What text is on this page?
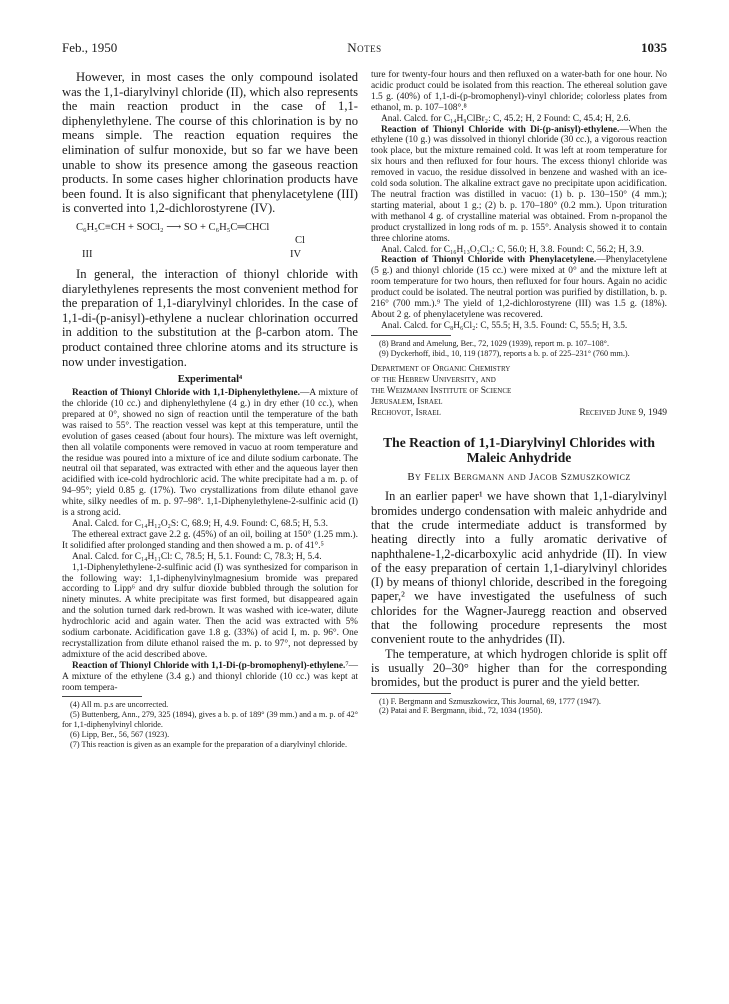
Feb., 1950	Notes	1035

However, in most cases the only compound isolated was the 1,1-diarylvinyl chloride (II), which also represents the main reaction product in the case of 1,1-diphenylethylene. The course of this chlorination is by no means simple. The reaction equation requires the elimination of sulfur monoxide, but so far we have been unable to show its presence among the gaseous reaction products. In some cases higher chlorination products have been found. It is also significant that phenylacetylene (III) is converted into 1,2-dichlorostyrene (IV).

C₆H₅C≡CH + SOCl₂ ⟶ SO + C₆H₅C═CHCl
Cl
III	IV

In general, the interaction of thionyl chloride with diarylethylenes represents the most convenient method for the preparation of 1,1-diarylvinyl chlorides. In the case of 1,1-di-(p-anisyl)-ethylene a nuclear chlorination occurred in addition to the substitution at the β-carbon atom. The product contained three chlorine atoms and its structure is now under investigation.

Experimental⁴

Reaction of Thionyl Chloride with 1,1-Diphenylethylene.—A mixture of the chloride (10 cc.) and diphenylethylene (4 g.) in dry ether (10 cc.), when prepared at 0°, showed no sign of reaction until the temperature of the bath was raised to 55°. The reaction vessel was kept at this temperature, until the evolution of gases ceased (about four hours). The mixture was left overnight, then all volatile components were removed in vacuo at room temperature and the residue was poured into a mixture of ice and dilute sodium carbonate. The neutral oil that separated, was extracted with ether and the aqueous layer then acidified with ice-cold hydrochloric acid. The white precipitate had a m. p. of 94–95°; yield 0.85 g. (17%). Two crystallizations from dilute ethanol gave white, silky needles of m. p. 97–98°. 1,1-Diphenylethylene-2-sulfinic acid (I) is a strong acid.

Anal. Calcd. for C₁₄H₁₂O₂S: C, 68.9; H, 4.9. Found: C, 68.5; H, 5.3.

The ethereal extract gave 2.2 g. (45%) of an oil, boiling at 150° (1.25 mm.). It solidified after prolonged standing and then showed a m. p. of 41°.⁵

Anal. Calcd. for C₁₄H₁₁Cl: C, 78.5; H, 5.1. Found: C, 78.3; H, 5.4.

1,1-Diphenylethylene-2-sulfinic acid (I) was synthesized for comparison in the following way: 1,1-diphenylvinylmagnesium bromide was prepared according to Lipp⁶ and dry sulfur dioxide bubbled through the solution for ninety minutes. A white precipitate was first formed, but disappeared again and the solution turned dark red-brown. It was washed with ice-water, dilute hydrochloric acid and again water. Then the acid was extracted with 5% sodium carbonate. Acidification gave 1.8 g. (33%) of acid I, m. p. 96°. One recrystallization from dilute ethanol raised the m. p. to 97°, not depressed by admixture of the acid described above.

Reaction of Thionyl Chloride with 1,1-Di-(p-bromophenyl)-ethylene.⁷—A mixture of the ethylene (3.4 g.) and thionyl chloride (10 cc.) was kept at room tempera-

(4) All m. p.s are uncorrected.

(5) Buttenberg, Ann., 279, 325 (1894), gives a b. p. of 189° (39 mm.) and a m. p. of 42° for 1,1-diphenylvinyl chloride.

(6) Lipp, Ber., 56, 567 (1923).

(7) This reaction is given as an example for the preparation of a diarylvinyl chloride.

ture for twenty-four hours and then refluxed on a water-bath for one hour. No acidic product could be isolated from this reaction. The ethereal solution gave 1.5 g. (40%) of 1,1-di-(p-bromophenyl)-vinyl chloride; colorless plates from ethanol, m. p. 107–108°.⁸

Anal. Calcd. for C₁₄H₉ClBr₂: C, 45.2; H, 2 Found: C, 45.4; H, 2.6.

Reaction of Thionyl Chloride with Di-(p-anisyl)-ethylene.—When the ethylene (10 g.) was dissolved in thionyl chloride (30 cc.), a vigorous reaction took place, but the mixture remained cold. It was left at room temperature for six hours and then refluxed for four hours. The excess thionyl chloride was removed in vacuo, the residue dissolved in benzene and washed with an ice-cold soda solution. The alkaline extract gave no precipitate upon acidification. The neutral fraction was distilled in vacuo: (1) b. p. 130–150° (4 mm.); starting material, about 1 g.; (2) b. p. 170–180° (0.2 mm.). Upon trituration with methanol 4 g. of crystalline material was obtained. From n-propanol the product crystallized in long rods of m. p. 155°. Analysis showed it to contain three chlorine atoms.

Anal. Calcd. for C₁₆H₁₃O₂Cl₃: C, 56.0; H, 3.8. Found: C, 56.2; H, 3.9.

Reaction of Thionyl Chloride with Phenylacetylene.—Phenylacetylene (5 g.) and thionyl chloride (15 cc.) were mixed at 0° and the mixture left at room temperature for two hours, then refluxed for four hours. Again no acidic product could be isolated. The neutral portion was purified by distillation, b. p. 216° (700 mm.).⁹ The yield of 1,2-dichlorostyrene (III) was 1.5 g. (18%). About 2 g. of phenylacetylene was recovered.

Anal. Calcd. for C₈H₆Cl₂: C, 55.5; H, 3.5. Found: C, 55.5; H, 3.5.

(8) Brand and Amelung, Ber., 72, 1029 (1939), report m. p. 107–108°.

(9) Dyckerhoff, ibid., 10, 119 (1877), reports a b. p. of 225–231° (760 mm.).

Department of Organic Chemistry
of the Hebrew University, and
the Weizmann Institute of Science
Jerusalem, Israel
Rechovot, Israel	Received June 9, 1949
The Reaction of 1,1-Diarylvinyl Chlorides with Maleic Anhydride
By Felix Bergmann and Jacob Szmuszkowicz

In an earlier paper¹ we have shown that 1,1-diarylvinyl bromides undergo condensation with maleic anhydride and that the crude intermediate adduct is transformed by heating directly into a fully aromatic derivative of naphthalene-1,2-dicarboxylic acid anhydride (II). In view of the easy preparation of certain 1,1-diarylvinyl chlorides (I) by means of thionyl chloride, described in the foregoing paper,² we have investigated the usefulness of such chlorides for the Wagner-Jauregg reaction and observed that the following procedure represents the most convenient route to the anhydrides (II).

The temperature, at which hydrogen chloride is split off is usually 20–30° higher than for the corresponding bromides, but the product is purer and the yield better.

(1) F. Bergmann and Szmuszkowicz, This Journal, 69, 1777 (1947).

(2) Patai and F. Bergmann, ibid., 72, 1034 (1950).
